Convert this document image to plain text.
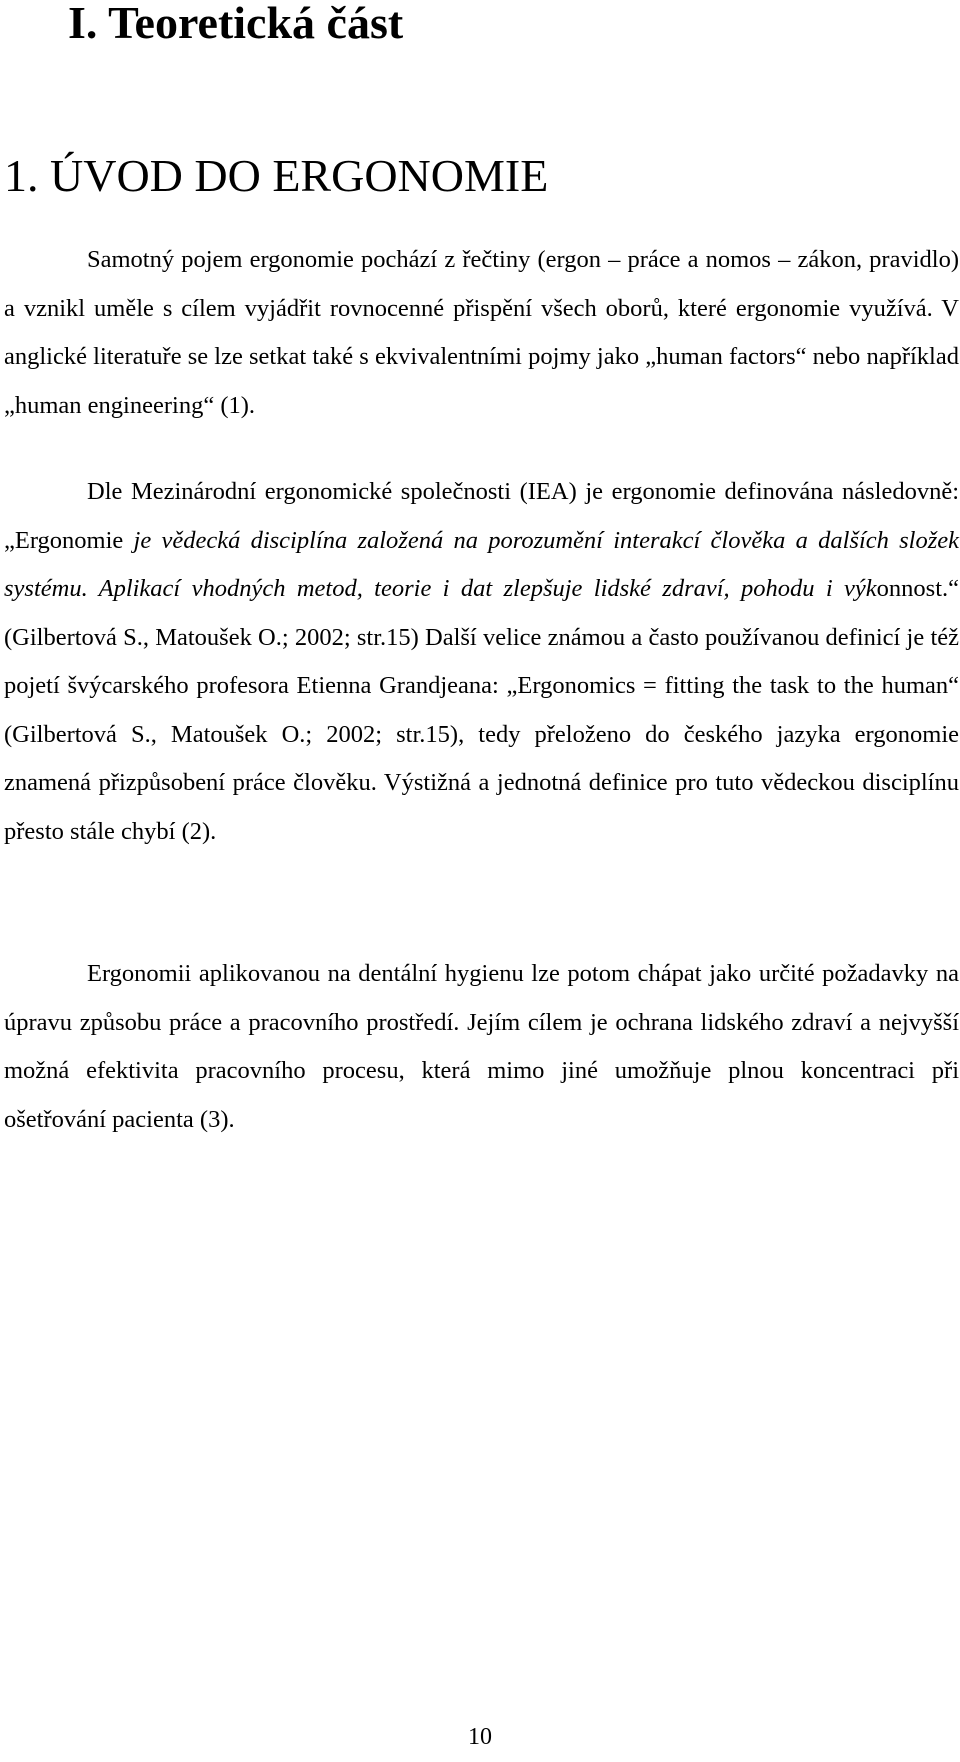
I. Teoretická část
1. ÚVOD DO ERGONOMIE

Samotný pojem ergonomie pochází z řečtiny (ergon – práce a nomos – zákon, pravidlo) a vznikl uměle s cílem vyjádřit rovnocenné přispění všech oborů, které ergonomie využívá. V anglické literatuře se lze setkat také s ekvivalentními pojmy jako „human factors“ nebo například „human engineering“ (1).

Dle Mezinárodní ergonomické společnosti (IEA) je ergonomie definována následovně: „Ergonomie je vědecká disciplína založená na porozumění interakcí člověka a dalších složek systému. Aplikací vhodných metod, teorie i dat zlepšuje lidské zdraví, pohodu i výkonnost.“ (Gilbertová S., Matoušek O.; 2002; str.15) Další velice známou a často používanou definicí je též pojetí švýcarského profesora Etienna Grandjeana: „Ergonomics = fitting the task to the human“ (Gilbertová S., Matoušek O.; 2002; str.15), tedy přeloženo do českého jazyka ergonomie znamená přizpůsobení práce člověku. Výstižná a jednotná definice pro tuto vědeckou disciplínu přesto stále chybí (2).

Ergonomii aplikovanou na dentální hygienu lze potom chápat jako určité požadavky na úpravu způsobu práce a pracovního prostředí. Jejím cílem je ochrana lidského zdraví a nejvyšší možná efektivita pracovního procesu, která mimo jiné umožňuje plnou koncentraci při ošetřování pacienta (3).

10
